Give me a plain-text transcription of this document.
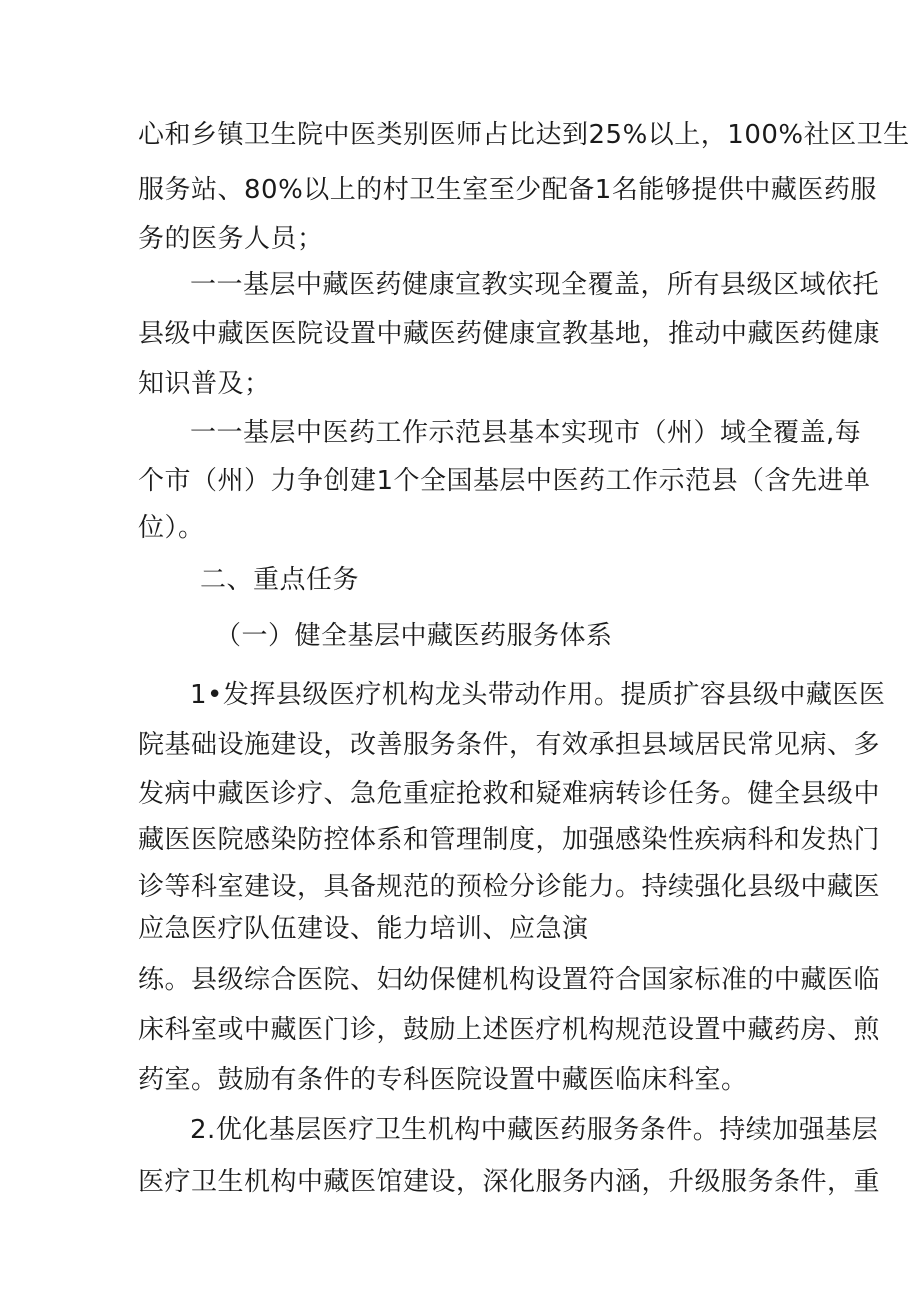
心和乡镇卫生院中医类别医师占比达到25%以上，100%社区卫生
服务站、80%以上的村卫生室至少配备1名能够提供中藏医药服
务的医务人员；
一一基层中藏医药健康宣教实现全覆盖，所有县级区域依托
县级中藏医医院设置中藏医药健康宣教基地，推动中藏医药健康
知识普及；
一一基层中医药工作示范县基本实现市（州）域全覆盖,每
个市（州）力争创建1个全国基层中医药工作示范县（含先进单
位）。
二、重点任务
（一）健全基层中藏医药服务体系
1•发挥县级医疗机构龙头带动作用。提质扩容县级中藏医医
院基础设施建设，改善服务条件，有效承担县域居民常见病、多
发病中藏医诊疗、急危重症抢救和疑难病转诊任务。健全县级中
藏医医院感染防控体系和管理制度，加强感染性疾病科和发热门
诊等科室建设，具备规范的预检分诊能力。持续强化县级中藏医
应急医疗队伍建设、能力培训、应急演
练。县级综合医院、妇幼保健机构设置符合国家标准的中藏医临
床科室或中藏医门诊，鼓励上述医疗机构规范设置中藏药房、煎
药室。鼓励有条件的专科医院设置中藏医临床科室。
2.优化基层医疗卫生机构中藏医药服务条件。持续加强基层
医疗卫生机构中藏医馆建设，深化服务内涵，升级服务条件，重
